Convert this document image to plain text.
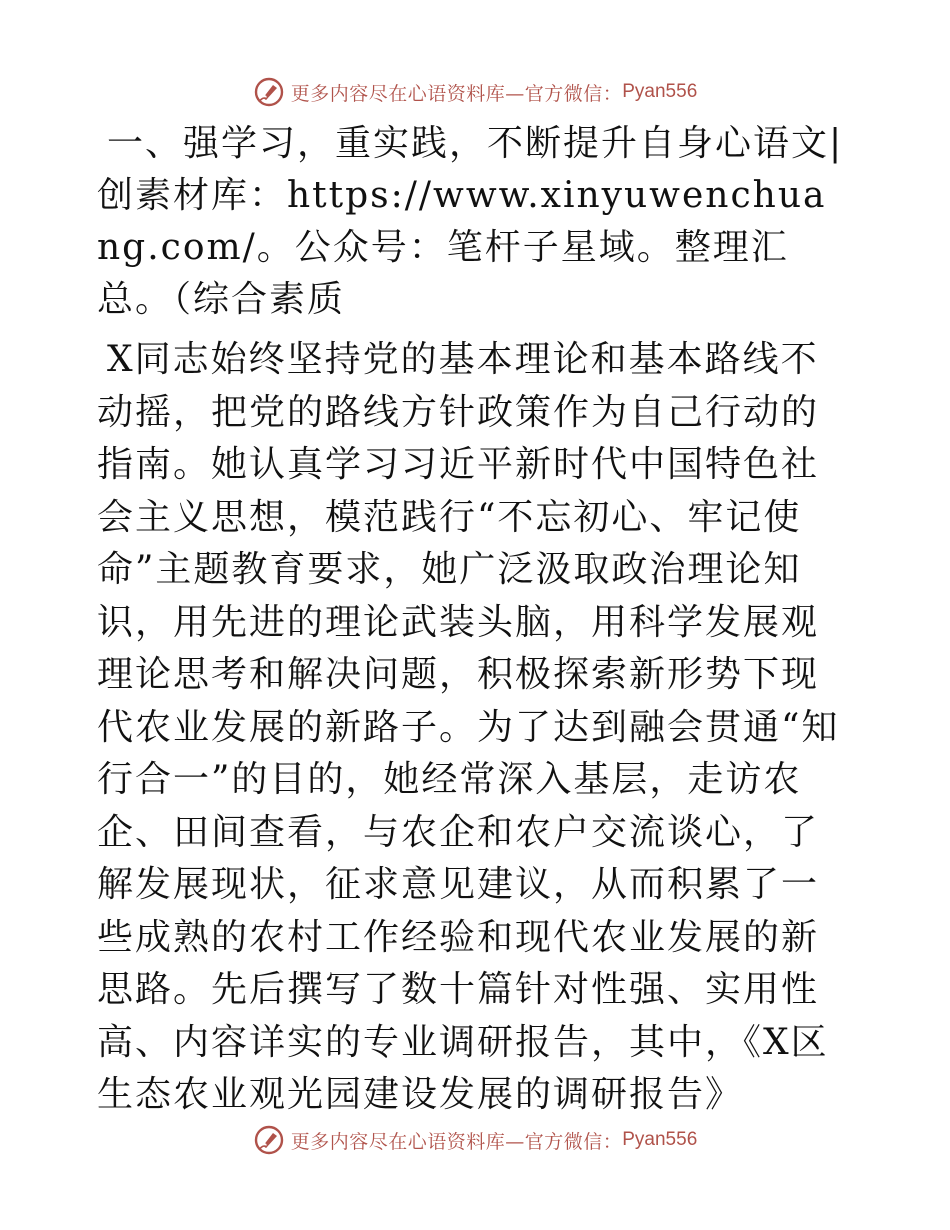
更多内容尽在心语资料库—官方微信： Pyan556

一、强学习，重实践，不断提升自身心语文|创素材库：https://www.xinyuwenchuang.com/。公众号：笔杆子星域。整理汇总。（综合素质

X同志始终坚持党的基本理论和基本路线不动摇，把党的路线方针政策作为自己行动的指南。她认真学习习近平新时代中国特色社会主义思想，模范践行“不忘初心、牢记使命”主题教育要求，她广泛汲取政治理论知识，用先进的理论武装头脑，用科学发展观理论思考和解决问题，积极探索新形势下现代农业发展的新路子。为了达到融会贯通“知行合一”的目的，她经常深入基层，走访农企、田间查看，与农企和农户交流谈心，了解发展现状，征求意见建议，从而积累了一些成熟的农村工作经验和现代农业发展的新思路。先后撰写了数十篇针对性强、实用性高、内容详实的专业调研报告，其中，《X区生态农业观光园建设发展的调研报告》

更多内容尽在心语资料库—官方微信： Pyan556
